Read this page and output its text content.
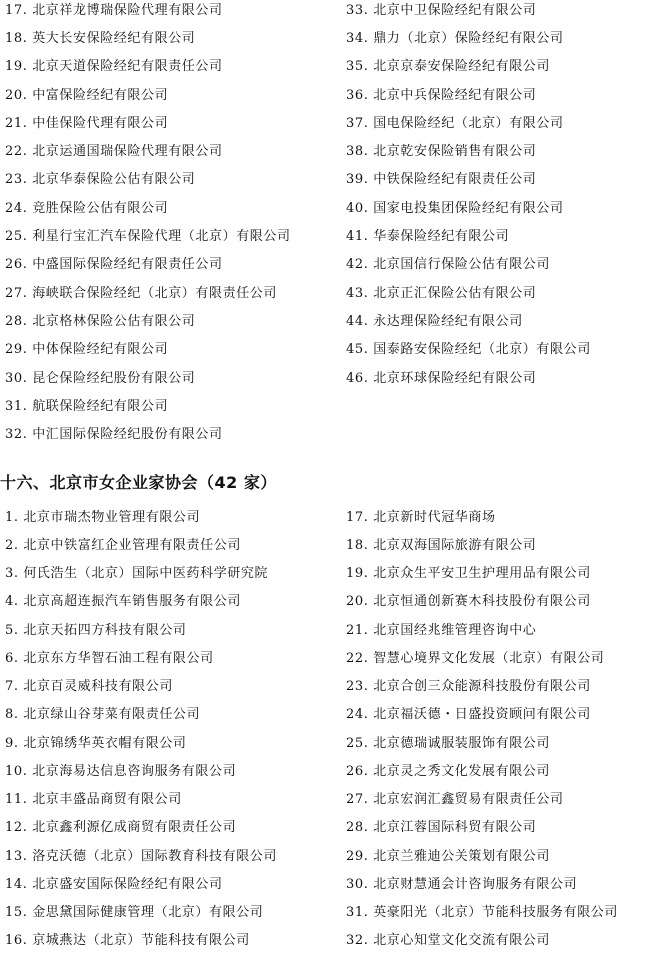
17. 北京祥龙博瑞保险代理有限公司	33. 北京中卫保险经纪有限公司
18. 英大长安保险经纪有限公司	34. 鼎力（北京）保险经纪有限公司
19. 北京天道保险经纪有限责任公司	35. 北京京泰安保险经纪有限公司
20. 中富保险经纪有限公司	36. 北京中兵保险经纪有限公司
21. 中佳保险代理有限公司	37. 国电保险经纪（北京）有限公司
22. 北京运通国瑞保险代理有限公司	38. 北京乾安保险销售有限公司
23. 北京华泰保险公估有限公司	39. 中铁保险经纪有限责任公司
24. 竞胜保险公估有限公司	40. 国家电投集团保险经纪有限公司
25. 利星行宝汇汽车保险代理（北京）有限公司	41. 华泰保险经纪有限公司
26. 中盛国际保险经纪有限责任公司	42. 北京国信行保险公估有限公司
27. 海峡联合保险经纪（北京）有限责任公司	43. 北京正汇保险公估有限公司
28. 北京格林保险公估有限公司	44. 永达理保险经纪有限公司
29. 中体保险经纪有限公司	45. 国泰路安保险经纪（北京）有限公司
30. 昆仑保险经纪股份有限公司	46. 北京环球保险经纪有限公司
31. 航联保险经纪有限公司
32. 中汇国际保险经纪股份有限公司
十六、北京市女企业家协会（42 家）
1. 北京市瑞杰物业管理有限公司	17. 北京新时代冠华商场
2. 北京中铁富红企业管理有限责任公司	18. 北京双海国际旅游有限公司
3. 何氏浩生（北京）国际中医药科学研究院	19. 北京众生平安卫生护理用品有限公司
4. 北京高超连振汽车销售服务有限公司	20. 北京恒通创新赛木科技股份有限公司
5. 北京天拓四方科技有限公司	21. 北京国经兆维管理咨询中心
6. 北京东方华智石油工程有限公司	22. 智慧心境界文化发展（北京）有限公司
7. 北京百灵威科技有限公司	23. 北京合创三众能源科技股份有限公司
8. 北京绿山谷芽菜有限责任公司	24. 北京福沃德・日盛投资顾问有限公司
9. 北京锦绣华英衣帽有限公司	25. 北京德瑞诚服装服饰有限公司
10. 北京海易达信息咨询服务有限公司	26. 北京灵之秀文化发展有限公司
11. 北京丰盛品商贸有限公司	27. 北京宏润汇鑫贸易有限责任公司
12. 北京鑫利源亿成商贸有限责任公司	28. 北京江蓉国际科贸有限公司
13. 洛克沃德（北京）国际教育科技有限公司	29. 北京兰雅迪公关策划有限公司
14. 北京盛安国际保险经纪有限公司	30. 北京财慧通会计咨询服务有限公司
15. 金思黛国际健康管理（北京）有限公司	31. 英豪阳光（北京）节能科技服务有限公司
16. 京城燕达（北京）节能科技有限公司	32. 北京心知堂文化交流有限公司
